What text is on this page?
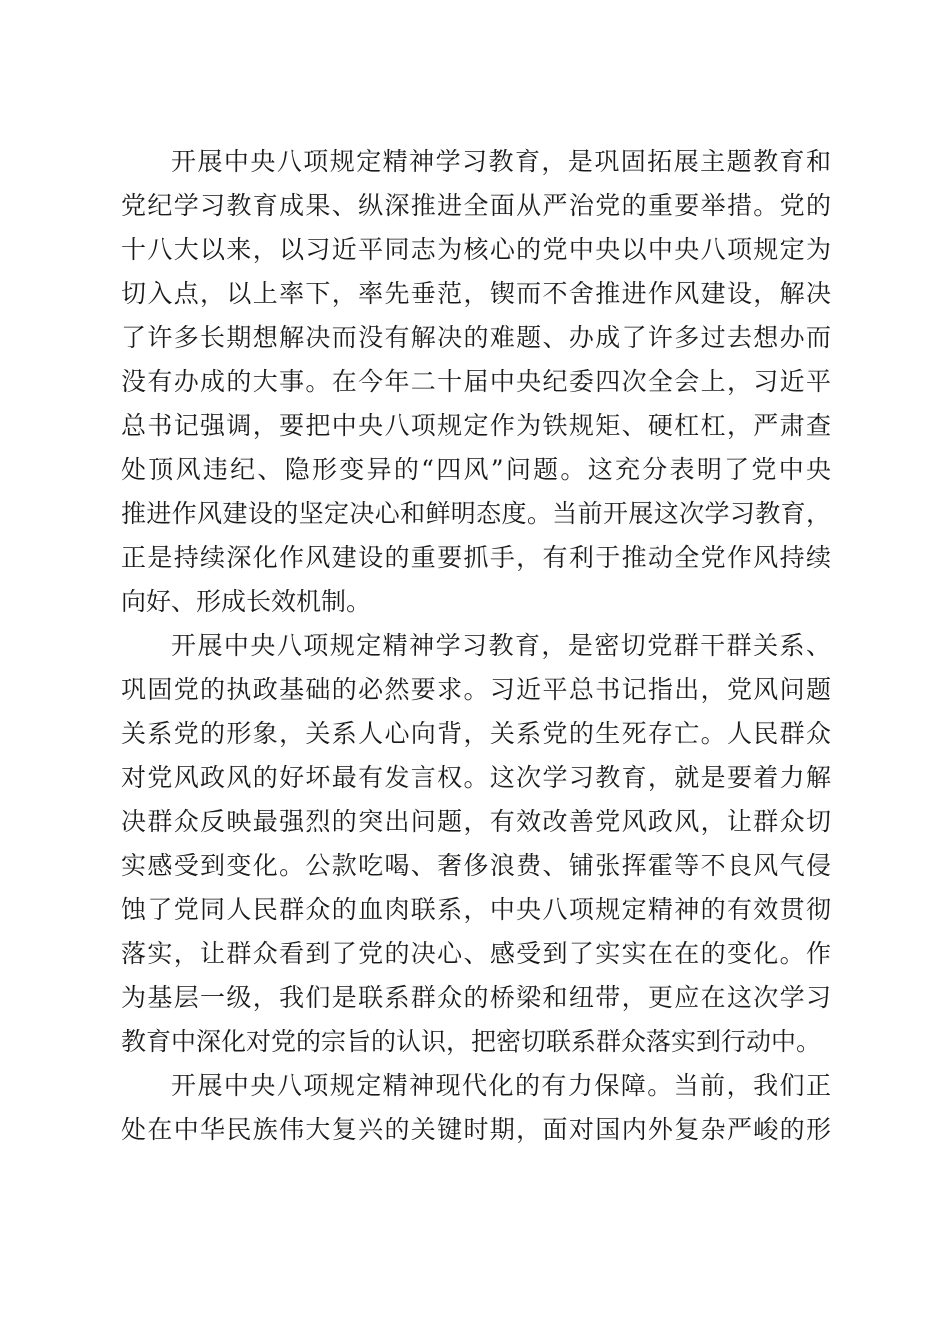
开展中央八项规定精神学习教育，是巩固拓展主题教育和
党纪学习教育成果、纵深推进全面从严治党的重要举措。党的
十八大以来，以习近平同志为核心的党中央以中央八项规定为
切入点，以上率下，率先垂范，锲而不舍推进作风建设，解决
了许多长期想解决而没有解决的难题、办成了许多过去想办而
没有办成的大事。在今年二十届中央纪委四次全会上，习近平
总书记强调，要把中央八项规定作为铁规矩、硬杠杠，严肃查
处顶风违纪、隐形变异的“四风”问题。这充分表明了党中央
推进作风建设的坚定决心和鲜明态度。当前开展这次学习教育，
正是持续深化作风建设的重要抓手，有利于推动全党作风持续
向好、形成长效机制。
开展中央八项规定精神学习教育，是密切党群干群关系、
巩固党的执政基础的必然要求。习近平总书记指出，党风问题
关系党的形象，关系人心向背，关系党的生死存亡。人民群众
对党风政风的好坏最有发言权。这次学习教育，就是要着力解
决群众反映最强烈的突出问题，有效改善党风政风，让群众切
实感受到变化。公款吃喝、奢侈浪费、铺张挥霍等不良风气侵
蚀了党同人民群众的血肉联系，中央八项规定精神的有效贯彻
落实，让群众看到了党的决心、感受到了实实在在的变化。作
为基层一级，我们是联系群众的桥梁和纽带，更应在这次学习
教育中深化对党的宗旨的认识，把密切联系群众落实到行动中。
开展中央八项规定精神现代化的有力保障。当前，我们正
处在中华民族伟大复兴的关键时期，面对国内外复杂严峻的形
